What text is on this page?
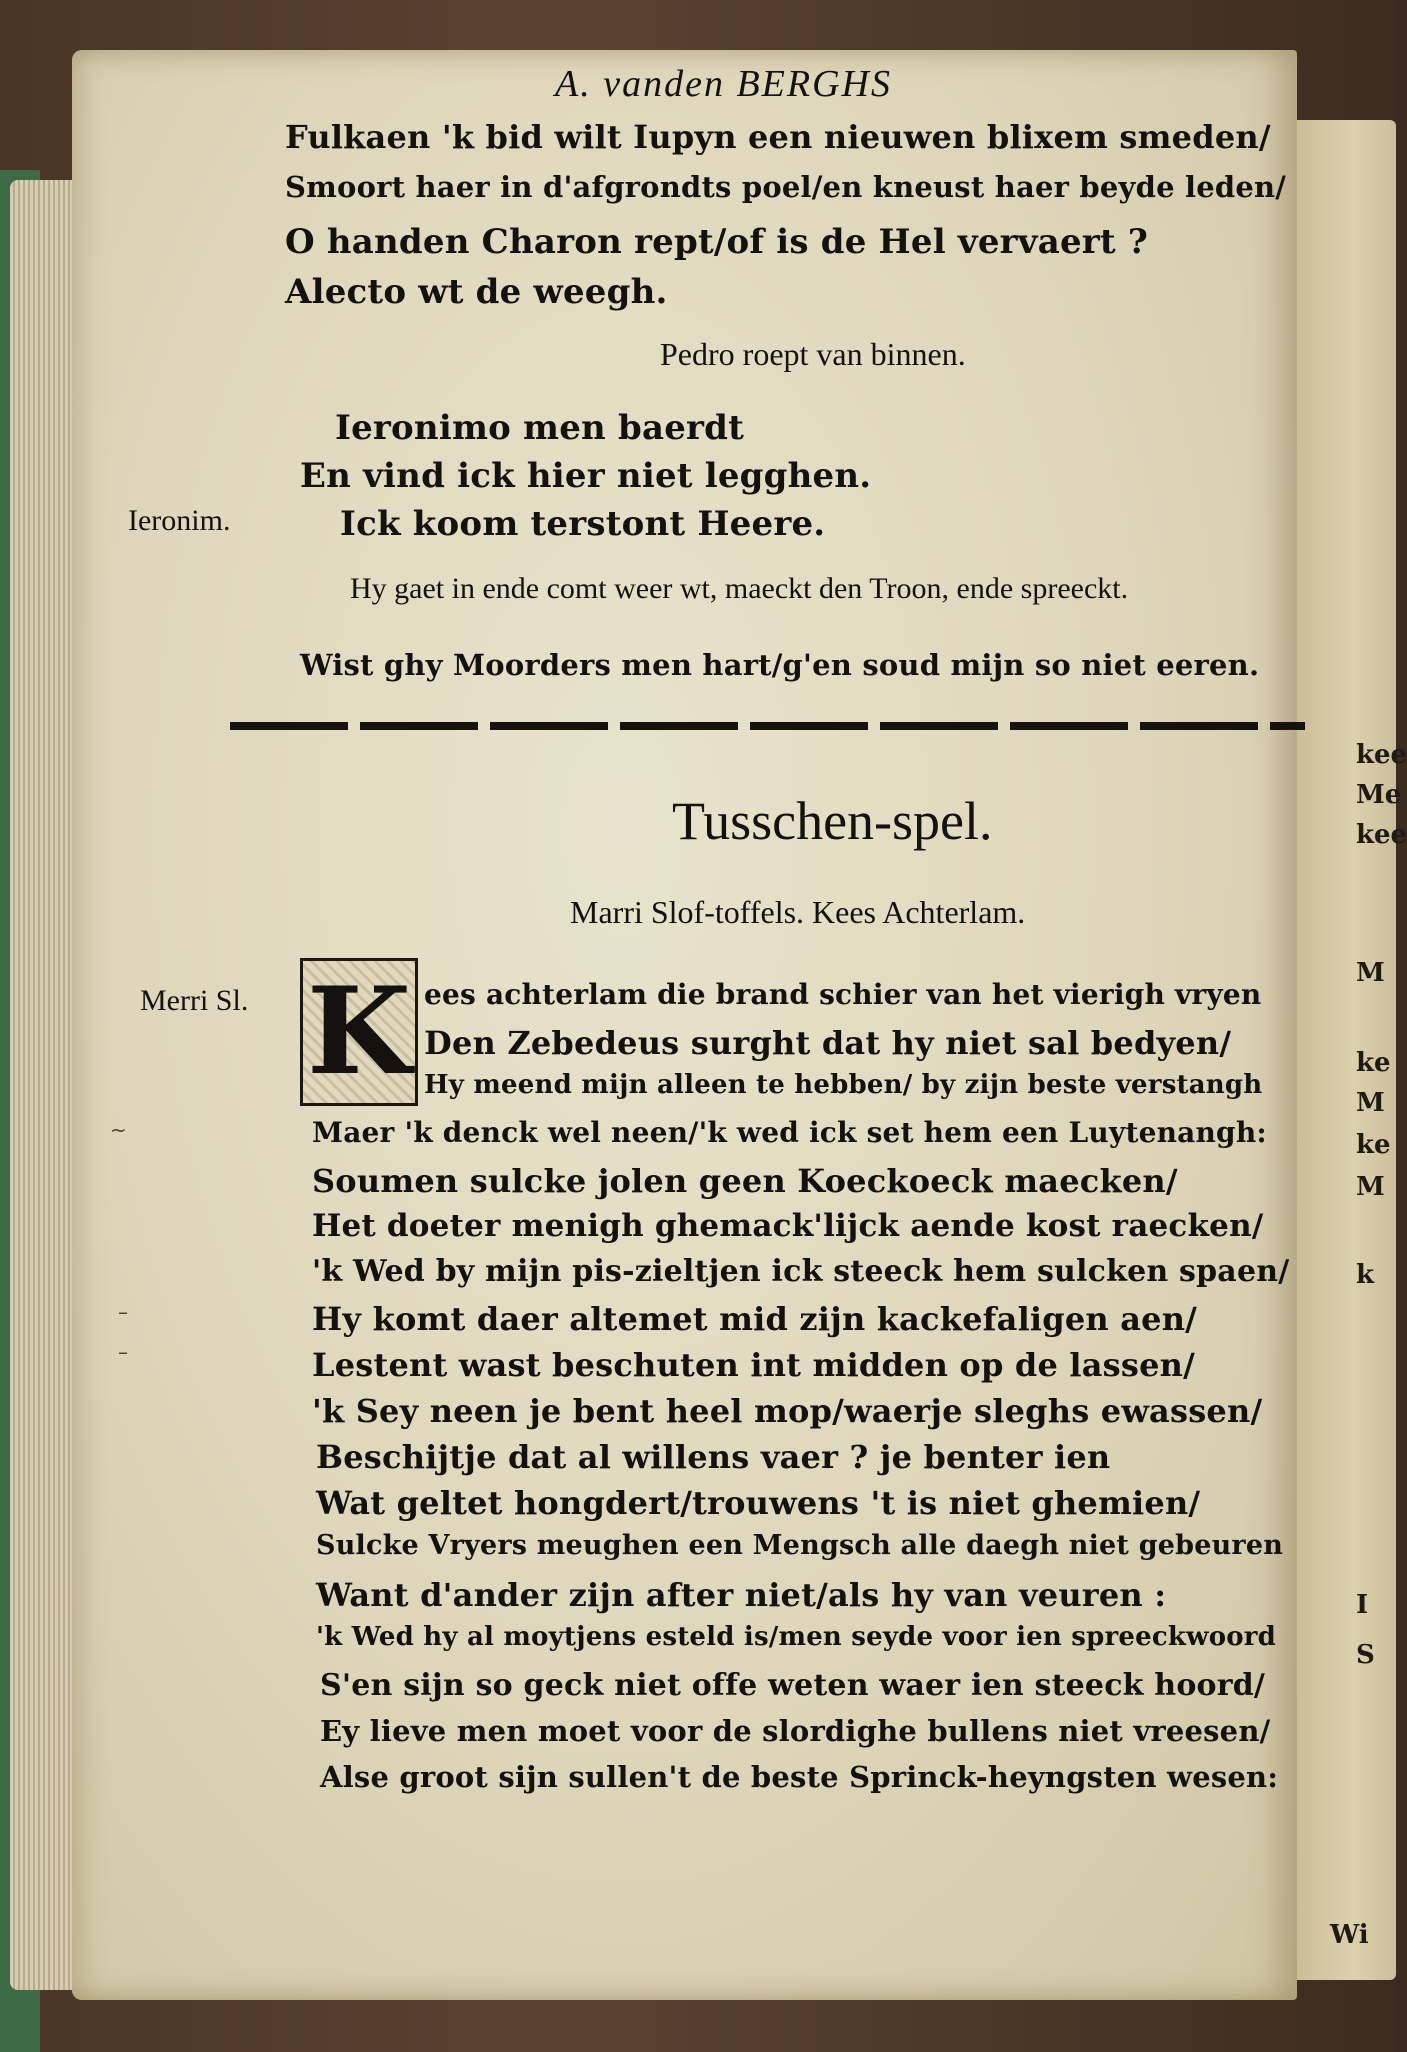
kee
Me
kee
M
ke
M
ke
M
k
I
S
Wi
A. vanden BERGHS
Fulkaen 'k bid wilt Iupyn een nieuwen blixem smeden/
Smoort haer in d'afgrondts poel/en kneust haer beyde leden/
O handen Charon rept/of is de Hel vervaert ?
Alecto wt de weegh.
Pedro roept van binnen.
Ieronimo men baerdt
En vind ick hier niet legghen.
Ieronim.	Ick koom terstont Heere.
Hy gaet in ende comt weer wt, maeckt den Troon, ende spreeckt.
Wist ghy Moorders men hart/g'en soud mijn so niet eeren.
Tusschen-spel.
Marri Slof-toffels. Kees Achterlam.
Merri Sl. K ees achterlam die brand schier van het vierigh vryen
Den Zebedeus surght dat hy niet sal bedyen/
Hy meend mijn alleen te hebben/ by zijn beste verstangh
Maer 'k denck wel neen/'k wed ick set hem een Luytenangh:
Soumen sulcke jolen geen Koeckoeck maecken/
Het doeter menigh ghemack'lijck aende kost raecken/
'k Wed by mijn pis-zieltjen ick steeck hem sulcken spaen/
Hy komt daer altemet mid zijn kackefaligen aen/
Lestent wast beschuten int midden op de lassen/
'k Sey neen je bent heel mop/waerje sleghs ewassen/
Beschijtje dat al willens vaer ? je benter ien
Wat geltet hongdert/trouwens 't is niet ghemien/
Sulcke Vryers meughen een Mengsch alle daegh niet gebeuren
Want d'ander zijn after niet/als hy van veuren :
'k Wed hy al moytjens esteld is/men seyde voor ien spreeckwoord
S'en sijn so geck niet offe weten waer ien steeck hoord/
Ey lieve men moet voor de slordighe bullens niet vreesen/
Alse groot sijn sullen't de beste Sprinck-heyngsten wesen:
~
–
–
